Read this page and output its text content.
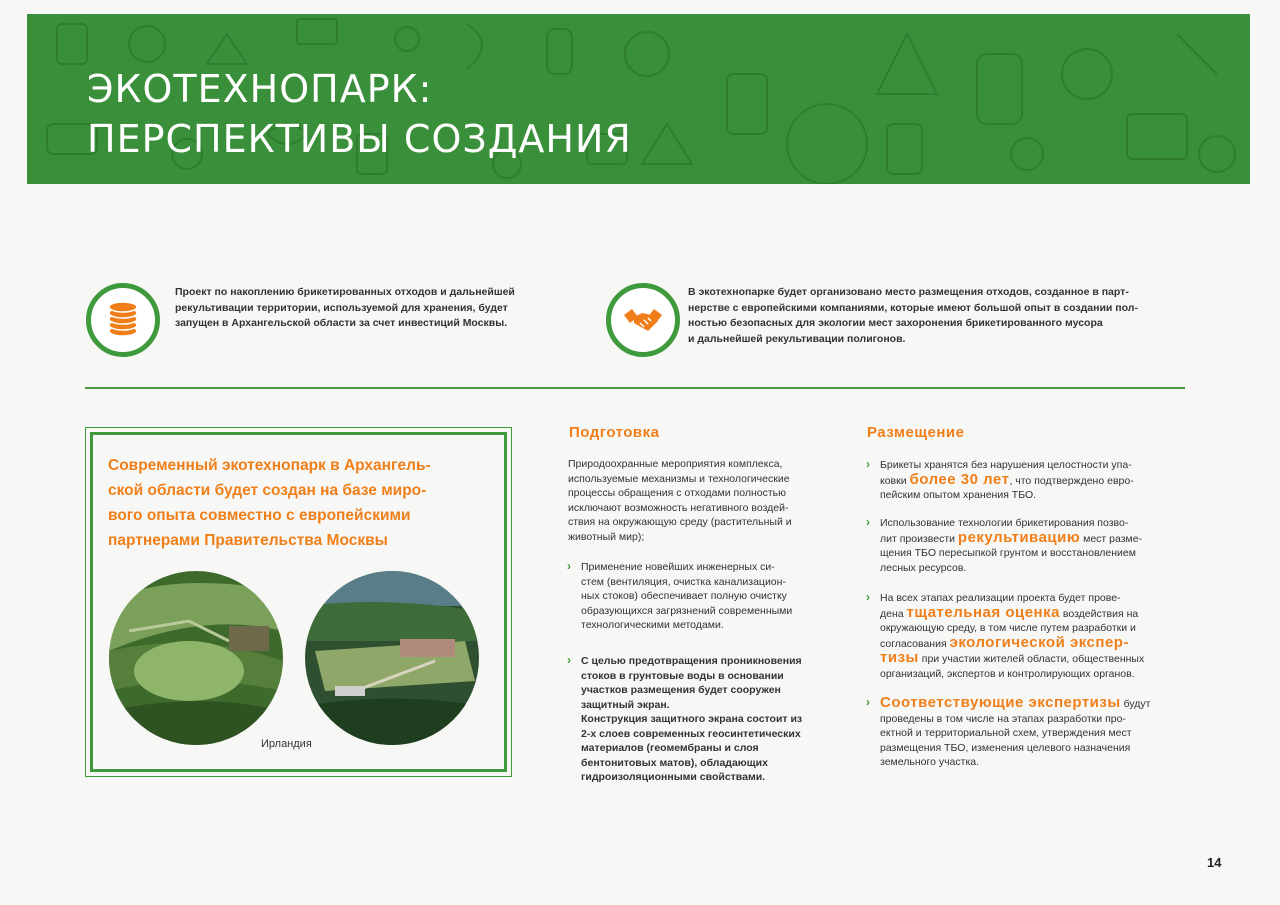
ЭКОТЕХНОПАРК:
ПЕРСПЕКТИВЫ СОЗДАНИЯ
Проект по накоплению брикетированных отходов и дальнейшей
рекультивации территории, используемой для хранения, будет
запущен в Архангельской области за счет инвестиций Москвы.
В экотехнопарке будет организовано место размещения отходов, созданное в парт-
нерстве с европейскими компаниями, которые имеют большой опыт в создании пол-
ностью безопасных для экологии мест захоронения брикетированного мусора
и дальнейшей рекультивации полигонов.

Современный экотехнопарк в Архангель-
ской области будет создан на базе миро-
вого опыта совместно с европейскими
партнерами Правительства Москвы

Ирландия
Подготовка
Природоохранные мероприятия комплекса,
используемые механизмы и технологические
процессы обращения с отходами полностью
исключают возможность негативного воздей-
ствия на окружающую среду (растительный и
животный мир);
› Применение новейших инженерных си-
стем (вентиляция, очистка канализацион-
ных стоков) обеспечивает полную очистку
образующихся загрязнений современными
технологическими методами.
› С целью предотвращения проникновения
стоков в грунтовые воды в основании
участков размещения будет сооружен
защитный экран.
Конструкция защитного экрана состоит из
2-х слоев современных геосинтетических
материалов (геомембраны и слоя
бентонитовых матов), обладающих
гидроизоляционными свойствами.
Размещение
› Брикеты хранятся без нарушения целостности упа-
ковки более 30 лет, что подтверждено евро-
пейским опытом хранения ТБО.
› Использование технологии брикетирования позво-
лит произвести рекультивацию мест разме-
щения ТБО пересыпкой грунтом и восстановлением
лесных ресурсов.
› На всех этапах реализации проекта будет прове-
дена тщательная оценка воздействия на
окружающую среду, в том числе путем разработки и
согласования экологической экспер-
тизы при участии жителей области, общественных
организаций, экспертов и контролирующих органов.
› Соответствующие экспертизы будут
проведены в том числе на этапах разработки про-
ектной и территориальной схем, утверждения мест
размещения ТБО, изменения целевого назначения
земельного участка.
14
